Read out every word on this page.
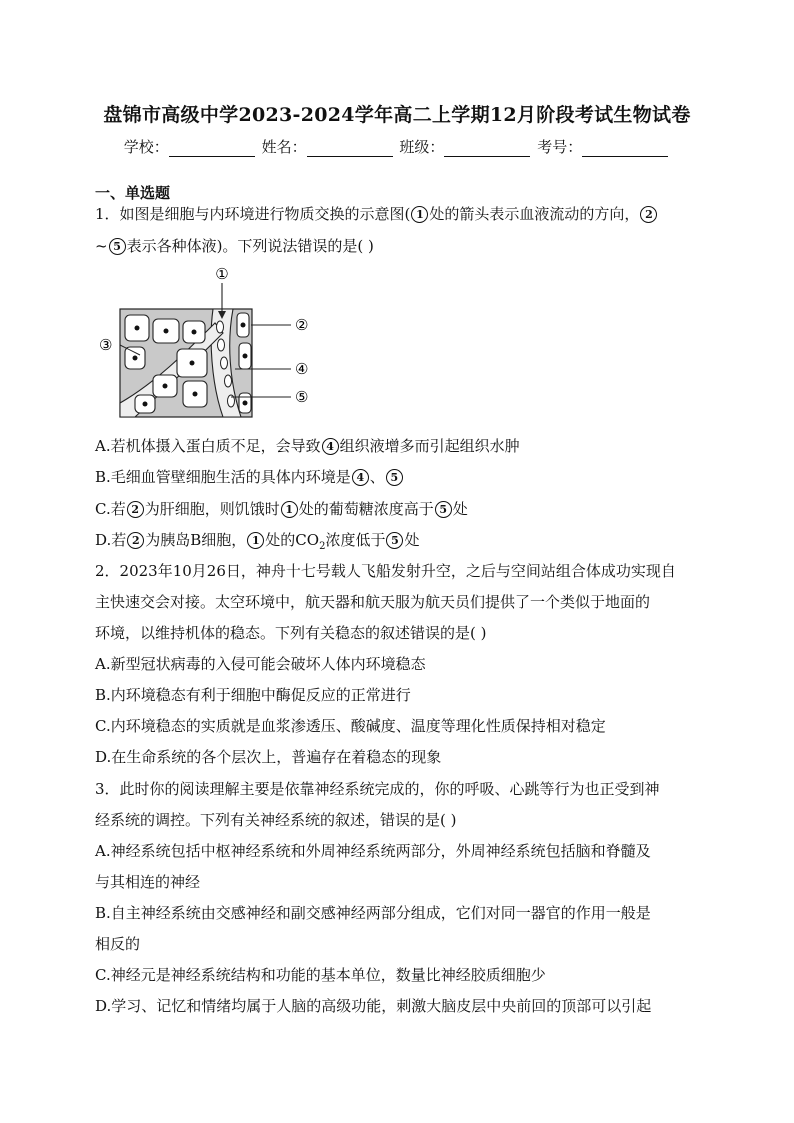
盘锦市高级中学2023-2024学年高二上学期12月阶段考试生物试卷
学校：	姓名：	班级：	考号：
一、单选题
1．如图是细胞与内环境进行物质交换的示意图( 1 处的箭头表示血液流动的方向， 2
~ 5 表示各种体液)。下列说法错误的是( )
①
②
③
④
⑤
A.若机体摄入蛋白质不足，会导致 4 组织液增多而引起组织水肿
B.毛细血管壁细胞生活的具体内环境是 4 、 5
C.若 2 为肝细胞，则饥饿时 1 处的葡萄糖浓度高于 5 处
D.若 2 为胰岛B细胞， 1 处的$CO_2$浓度低于 5 处
2．2023年10月26日，神舟十七号载人飞船发射升空，之后与空间站组合体成功实现自
主快速交会对接。太空环境中，航天器和航天服为航天员们提供了一个类似于地面的
环境，以维持机体的稳态。下列有关稳态的叙述错误的是( )
A.新型冠状病毒的入侵可能会破坏人体内环境稳态
B.内环境稳态有利于细胞中酶促反应的正常进行
C.内环境稳态的实质就是血浆渗透压、酸碱度、温度等理化性质保持相对稳定
D.在生命系统的各个层次上，普遍存在着稳态的现象
3．此时你的阅读理解主要是依靠神经系统完成的，你的呼吸、心跳等行为也正受到神
经系统的调控。下列有关神经系统的叙述，错误的是( )
A.神经系统包括中枢神经系统和外周神经系统两部分，外周神经系统包括脑和脊髓及
与其相连的神经
B.自主神经系统由交感神经和副交感神经两部分组成，它们对同一器官的作用一般是
相反的
C.神经元是神经系统结构和功能的基本单位，数量比神经胶质细胞少
D.学习、记忆和情绪均属于人脑的高级功能，刺激大脑皮层中央前回的顶部可以引起
